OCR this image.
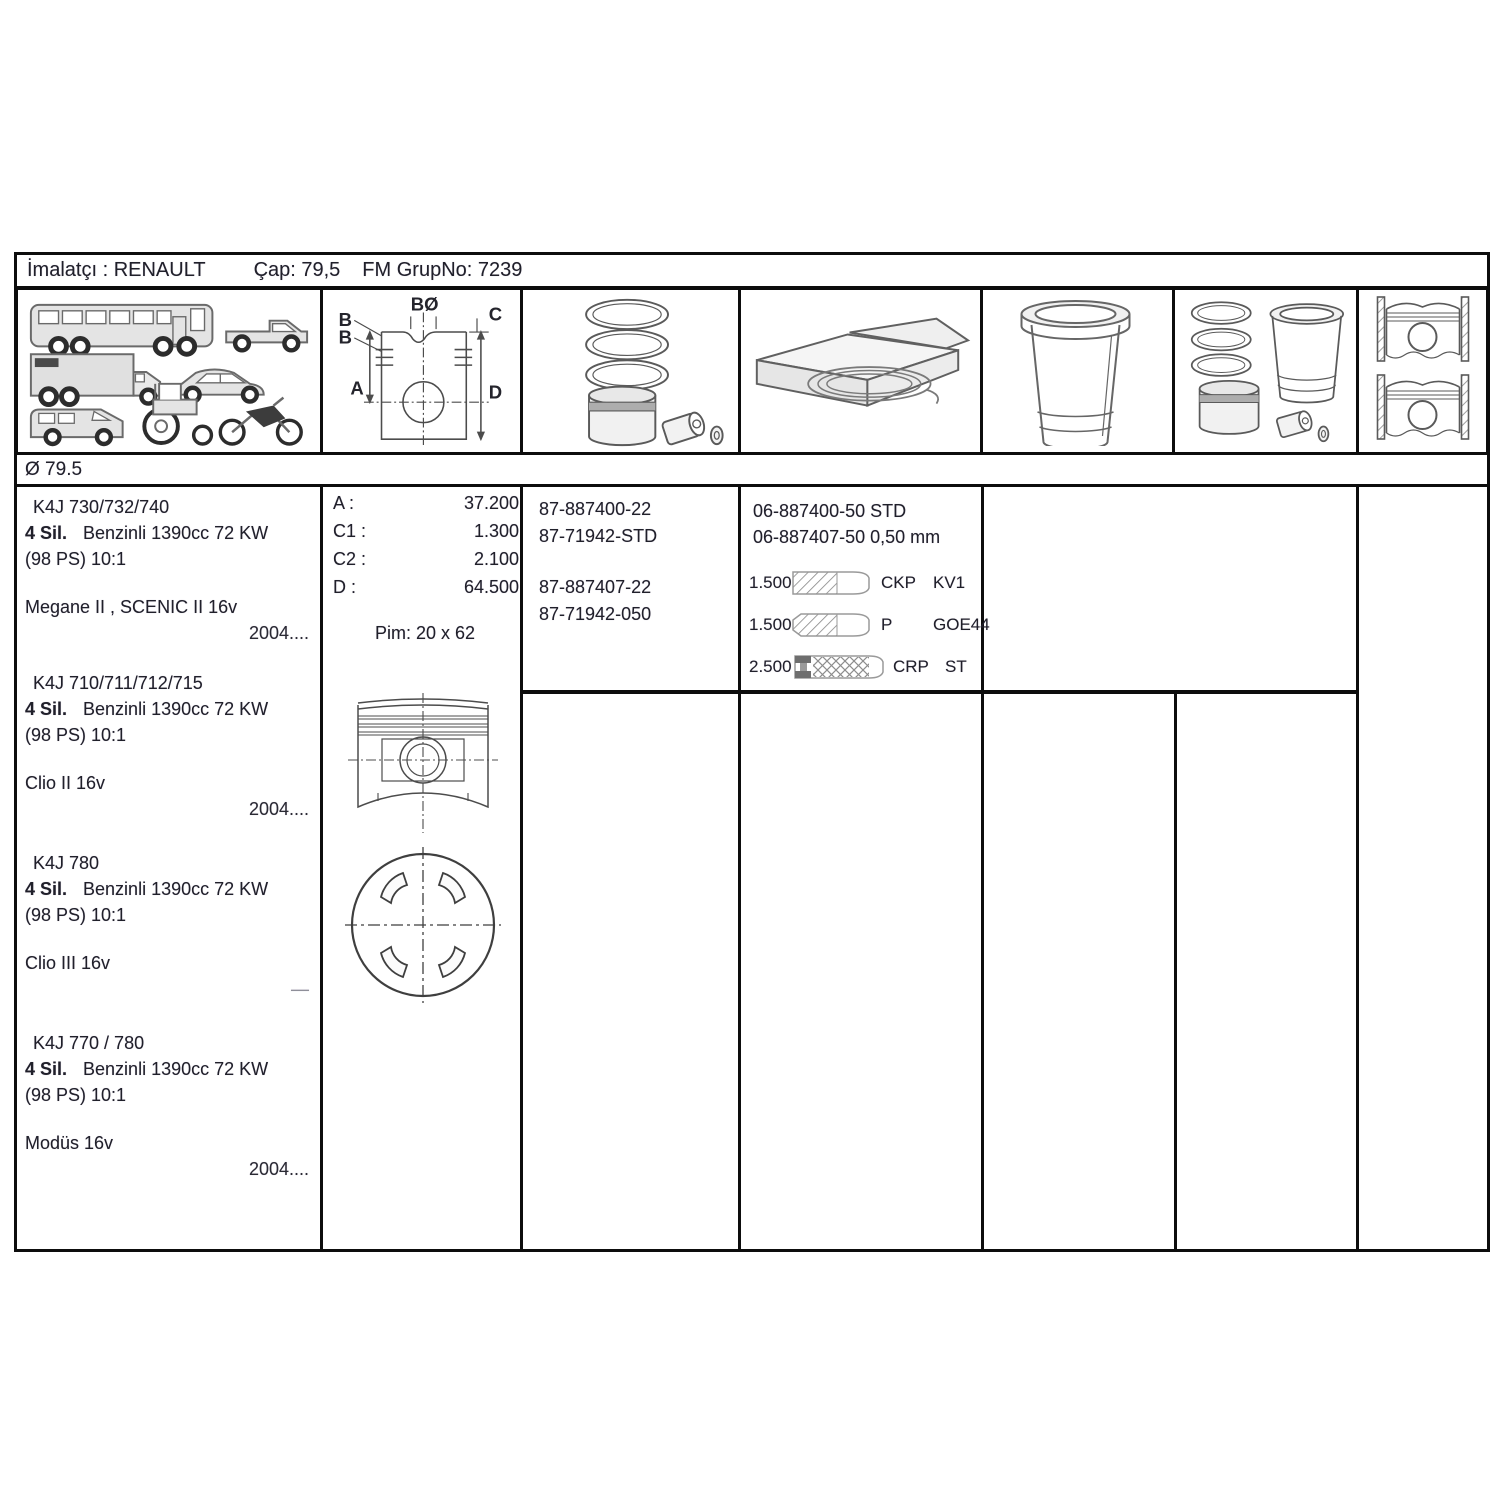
İmalatçı : RENAULT Çap: 79,5 FM GrupNo: 7239
B
B
BØ	C
A	D
Ø 79.5
K4J 730/732/740
4 Sil. Benzinli 1390cc 72 KW
(98 PS) 10:1
Megane II , SCENIC II 16v
2004....
K4J 710/711/712/715
4 Sil. Benzinli 1390cc 72 KW
(98 PS) 10:1
Clio II 16v
2004....
K4J 780
4 Sil. Benzinli 1390cc 72 KW
(98 PS) 10:1
Clio III 16v
—
K4J 770 / 780
4 Sil. Benzinli 1390cc 72 KW
(98 PS) 10:1
Modüs 16v
2004....
A :	37.200
C1 :	1.300
C2 :	2.100
D :	64.500
Pim: 20 x 62
87-887400-22
87-71942-STD
87-887407-22
87-71942-050
06-887400-50 STD
06-887407-50 0,50 mm
1.500	CKP	KV1
1.500	P	GOE44
2.500	CRP ST
